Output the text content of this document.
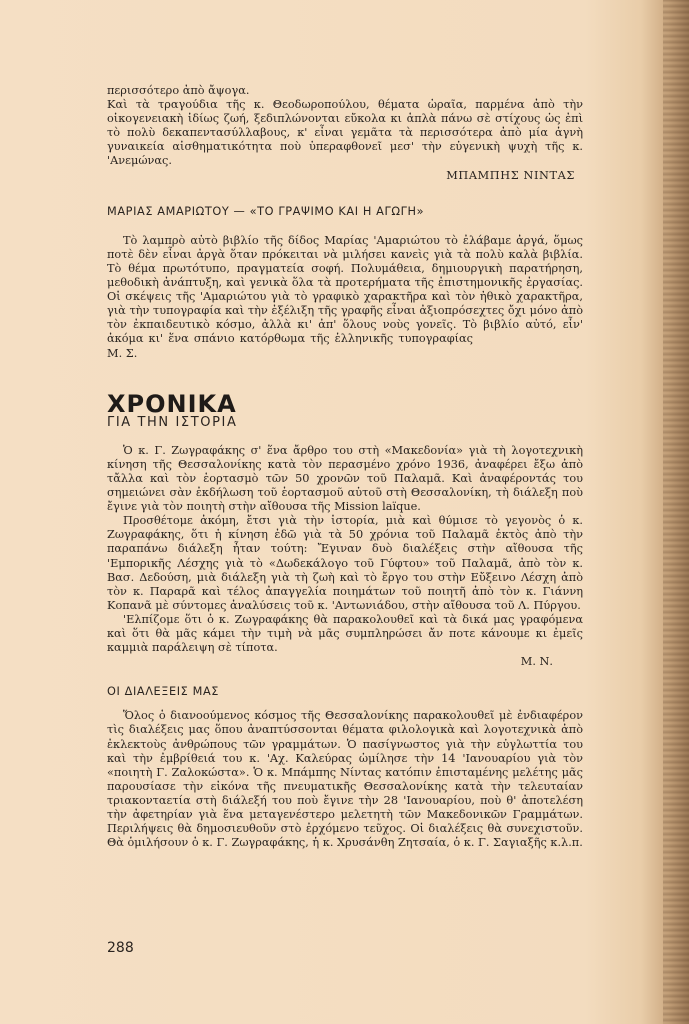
περισσότερο ἀπὸ ἄψογα.

Καὶ τὰ τραγούδια τῆς κ. Θεοδωροπούλου, θέματα ὡραῖα, παρμένα ἀπὸ τὴν οἰκογενειακὴ ἰδίως ζωή, ξεδιπλώνονται εὔκολα κι ἁπλὰ πάνω σὲ στίχους ὡς ἐπὶ τὸ πολὺ δεκαπεντασύλλαβους, κ' εἶναι γεμᾶτα τὰ περισσότερα ἀπὸ μία ἁγνὴ γυναικεία αἰσθηματικότητα ποὺ ὑπεραφθονεῖ μεσ' τὴν εὐγενικὴ ψυχὴ τῆς κ. 'Ανεμώνας.

ΜΠΑΜΠΗΣ ΝΙΝΤΑΣ

ΜΑΡΙΑΣ ΑΜΑΡΙΩΤΟΥ — «ΤΟ ΓΡΑΨΙΜΟ ΚΑΙ Η ΑΓΩΓΗ»

Τὸ λαμπρὸ αὐτὸ βιβλίο τῆς δίδος Μαρίας 'Αμαριώτου τὸ ἐλάβαμε ἀργά, ὅμως ποτὲ δὲν εἶναι ἀργὰ ὅταν πρόκειται νὰ μιλήσει κανεὶς γιὰ τὰ πολὺ καλὰ βιβλία. Τὸ θέμα πρωτότυπο, πραγματεία σοφή. Πολυμάθεια, δημιουργικὴ παρατήρηση, μεθοδικὴ ἀνάπτυξη, καὶ γενικὰ ὅλα τὰ προτερήματα τῆς ἐπιστημονικῆς ἐργασίας. Οἱ σκέψεις τῆς 'Αμαριώτου γιὰ τὸ γραφικὸ χαρακτῆρα καὶ τὸν ἠθικὸ χαρακτῆρα, γιὰ τὴν τυπογραφία καὶ τὴν ἐξέλιξη τῆς γραφῆς εἶναι ἀξιοπρόσεχτες ὄχι μόνο ἀπὸ τὸν ἐκπαιδευτικὸ κόσμο, ἀλλὰ κι' ἀπ' ὅλους νοὺς γονεῖς. Τὸ βιβλίο αὐτό, εἶν' ἀκόμα κι' ἕνα σπάνιο κατόρθωμα τῆς ἑλληνικῆς τυπογραφίαςΜ. Σ.

ΧΡΟΝΙΚΑ
ΓΙΑ ΤΗΝ ΙΣΤΟΡΙΑ

Ὁ κ. Γ. Ζωγραφάκης σ' ἕνα ἄρθρο του στὴ «Μακεδονία» γιὰ τὴ λογοτεχνικὴ κίνηση τῆς Θεσσαλονίκης κατὰ τὸν περασμένο χρόνο 1936, ἀναφέρει ἔξω ἀπὸ τἄλλα καὶ τὸν ἑορτασμὸ τῶν 50 χρονῶν τοῦ Παλαμᾶ. Καὶ ἀναφέροντάς του σημειώνει σὰν ἐκδήλωση τοῦ ἑορτασμοῦ αὐτοῦ στὴ Θεσσαλονίκη, τὴ διάλεξη ποὺ ἔγινε γιὰ τὸν ποιητὴ στὴν αἴθουσα τῆς Mission laïque.

Προσθέτομε ἀκόμη, ἔτσι γιὰ τὴν ἱστορία, μιὰ καὶ θύμισε τὸ γεγονὸς ὁ κ. Ζωγραφάκης, ὅτι ἡ κίνηση ἐδῶ γιὰ τὰ 50 χρόνια τοῦ Παλαμᾶ ἐκτὸς ἀπὸ τὴν παραπάνω διάλεξη ἦταν τούτη: Ἔγιναν δυὸ διαλέξεις στὴν αἴθουσα τῆς 'Εμπορικῆς Λέσχης γιὰ τὸ «Δωδεκάλογο τοῦ Γύφτου» τοῦ Παλαμᾶ, ἀπὸ τὸν κ. Βασ. Δεδούση, μιὰ διάλεξη γιὰ τὴ ζωὴ καὶ τὸ ἔργο του στὴν Εὔξεινο Λέσχη ἀπὸ τὸν κ. Παραρᾶ καὶ τέλος ἀπαγγελία ποιημάτων τοῦ ποιητῆ ἀπὸ τὸν κ. Γιάννη Κοπανᾶ μὲ σύντομες ἀναλύσεις τοῦ κ. 'Αντωνιάδου, στὴν αἴθουσα τοῦ Λ. Πύργου.

'Ελπίζομε ὅτι ὁ κ. Ζωγραφάκης θὰ παρακολουθεῖ καὶ τὰ δικά μας γραφόμενα καὶ ὅτι θὰ μᾶς κάμει τὴν τιμὴ νὰ μᾶς συμπληρώσει ἄν ποτε κάνουμε κι ἐμεῖς καμμιὰ παράλειψη σὲ τίποτα.

Μ. Ν.

ΟΙ ΔΙΑΛΕΞΕΙΣ ΜΑΣ

Ὅλος ὁ διανοούμενος κόσμος τῆς Θεσσαλονίκης παρακολουθεῖ μὲ ἐνδιαφέρον τὶς διαλέξεις μας ὅπου ἀναπτύσσονται θέματα φιλολογικὰ καὶ λογοτεχνικὰ ἀπὸ ἐκλεκτοὺς ἀνθρώπους τῶν γραμμάτων. Ὁ πασίγνωστος γιὰ τὴν εὐγλωττία του καὶ τὴν ἐμβρίθειά του κ. 'Αχ. Καλεύρας ὡμίλησε τὴν 14 'Ιανουαρίου γιὰ τὸν «ποιητὴ Γ. Ζαλοκώστα». Ὁ κ. Μπάμπης Νίντας κατόπιν ἐπισταμένης μελέτης μᾶς παρουσίασε τὴν εἰκόνα τῆς πνευματικῆς Θεσσαλονίκης κατὰ τὴν τελευταίαν τριακονταετία στὴ διάλεξή του ποὺ ἔγινε τὴν 28 'Ιανουαρίου, ποὺ θ' ἀποτελέση τὴν ἀφετηρίαν γιὰ ἕνα μεταγενέστερο μελετητὴ τῶν Μακεδονικῶν Γραμμάτων. Περιλήψεις θὰ δημοσιευθοῦν στὸ ἐρχόμενο τεῦχος. Οἱ διαλέξεις θὰ συνεχιστοῦν. Θὰ ὁμιλήσουν ὁ κ. Γ. Ζωγραφάκης, ἡ κ. Χρυσάνθη Ζητσαία, ὁ κ. Γ. Σαγιαξῆς κ.λ.π.

288
